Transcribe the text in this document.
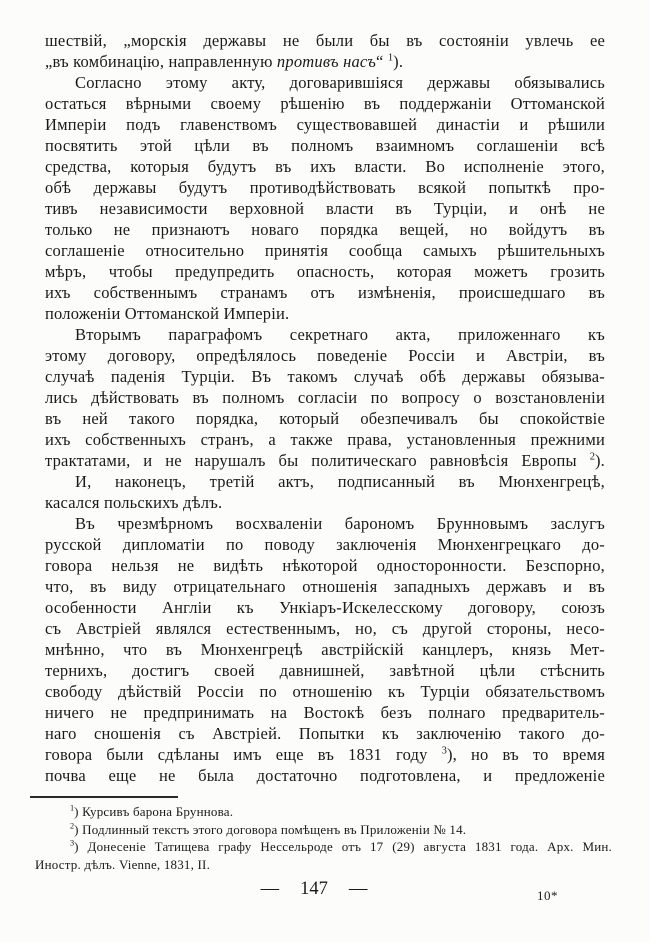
шествій, „морскія державы не были бы въ состояніи увлечь ее
„въ комбинацію, направленную противъ насъ“ $^1$).
Согласно этому акту, договарившіяся державы обязывались
остаться вѣрными своему рѣшенію въ поддержаніи Оттоманской
Имперіи подъ главенствомъ существовавшей династіи и рѣшили
посвятить этой цѣли въ полномъ взаимномъ соглашеніи всѣ
средства, которыя будутъ въ ихъ власти. Во исполненіе этого,
обѣ державы будутъ противодѣйствовать всякой попыткѣ про-
тивъ независимости верховной власти въ Турціи, и онѣ не
только не признаютъ новаго порядка вещей, но войдутъ въ
соглашеніе относительно принятія сообща самыхъ рѣшительныхъ
мѣръ, чтобы предупредить опасность, которая можетъ грозить
ихъ собственнымъ странамъ отъ измѣненія, происшедшаго въ
положеніи Оттоманской Имперіи.
Вторымъ параграфомъ секретнаго акта, приложеннаго къ
этому договору, опредѣлялось поведеніе Россіи и Австріи, въ
случаѣ паденія Турціи. Въ такомъ случаѣ обѣ державы обязыва-
лись дѣйствовать въ полномъ согласіи по вопросу о возстановленіи
въ ней такого порядка, который обезпечивалъ бы спокойствіе
ихъ собственныхъ странъ, а также права, установленныя прежними
трактатами, и не нарушалъ бы политическаго равновѣсія Европы $^2$).
И, наконецъ, третій актъ, подписанный въ Мюнхенгрецѣ,
касался польскихъ дѣлъ.
Въ чрезмѣрномъ восхваленіи барономъ Брунновымъ заслугъ
русской дипломатіи по поводу заключенія Мюнхенгрецкаго до-
говора нельзя не видѣть нѣкоторой односторонности. Безспорно,
что, въ виду отрицательнаго отношенія западныхъ державъ и въ
особенности Англіи къ Ункіаръ-Искелесскому договору, союзъ
съ Австріей являлся естественнымъ, но, съ другой стороны, несо-
мнѣнно, что въ Мюнхенгрецѣ австрійскій канцлеръ, князь Мет-
тернихъ, достигъ своей давнишней, завѣтной цѣли стѣснить
свободу дѣйствій Россіи по отношенію къ Турціи обязательствомъ
ничего не предпринимать на Востокѣ безъ полнаго предваритель-
наго сношенія съ Австріей. Попытки къ заключенію такого до-
говора были сдѣланы имъ еще въ 1831 году $^3$), но въ то время
почва еще не была достаточно подготовлена, и предложеніе
$^1$) Курсивъ барона Бруннова.
$^2$) Подлинный текстъ этого договора помѣщенъ въ Приложеніи № 14.
$^3$) Донесеніе Татищева графу Нессельроде отъ 17 (29) августа 1831 года. Арх. Мин.
Иностр. дѣлъ. Vienne, 1831, II.
— 147 —	10*
